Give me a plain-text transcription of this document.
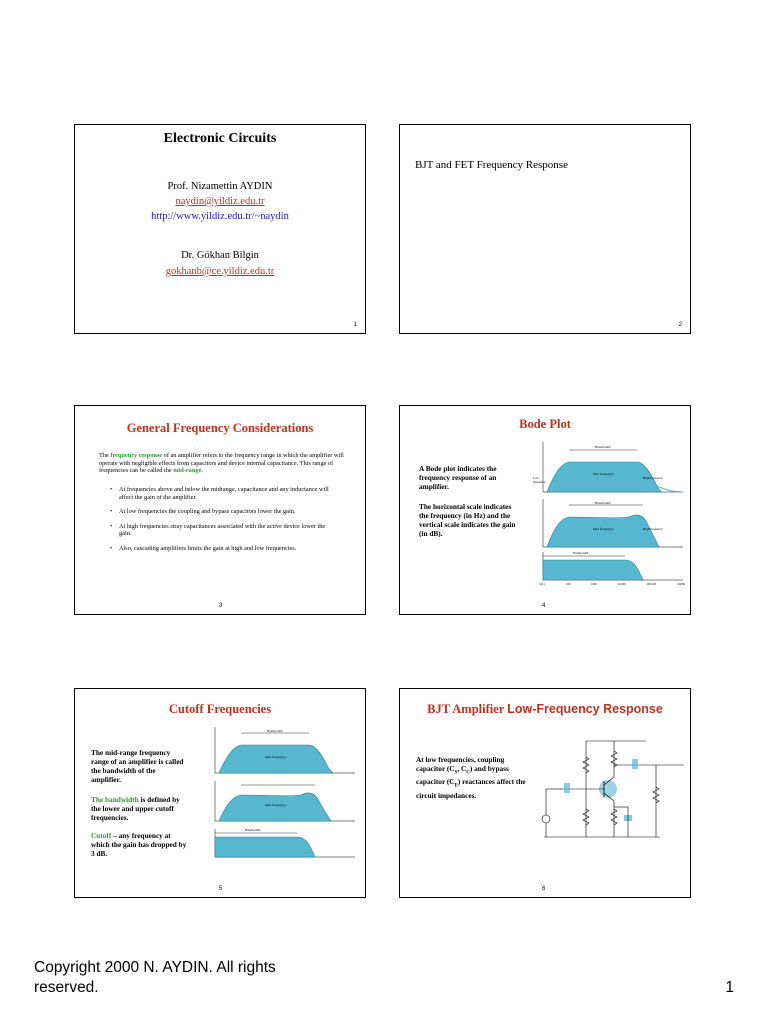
Electronic Circuits
Prof. Nizamettin AYDIN
naydin@yildiz.edu.tr
http://www.yildiz.edu.tr/~naydin
Dr. Gökhan Bilgin
gokhanb@ce.yildiz.edu.tr
1
BJT and FET Frequency Response
2
General Frequency Considerations
The frequency response of an amplifier refers to the frequency range in which the amplifier will operate with negligible effects from capacitors and device internal capacitance. This range of frequencies can be called the mid-range.
• At frequencies above and below the midrange, capacitance and any inductance will affect the gain of the amplifier.
• At low frequencies the coupling and bypass capacitors lower the gain.
• At high frequencies stray capacitances associated with the active device lower the gain.
• Also, cascading amplifiers limits the gain at high and low frequencies.
3
Bode Plot
A Bode plot indicates the frequency response of an amplifier.
The horizontal scale indicates the frequency (in Hz) and the vertical scale indicates the gain (in dB).
Bandwidth
Mid frequency
Low frequency
High frequency
Bandwidth
Mid frequency	High frequency
Bandwidth
0 (f₂)	100	1000	10,000	100,000	1 MHz
4
Cutoff Frequencies
The mid-range frequency range of an amplifier is called the bandwidth of the amplifier.
The bandwidth is defined by the lower and upper cutoff frequencies.
Cutoff – any frequency at which the gain has dropped by 3 dB.
Bandwidth
Mid frequency
Mid frequency
Bandwidth
5
BJT Amplifier Low-Frequency Response
At low frequencies, coupling capacitor ($C_S$, $C_C$) and bypass capacitor $(C_E)$ reactances affect the circuit impedances.
6
Copyright 2000 N. AYDIN. All rights reserved.	1
